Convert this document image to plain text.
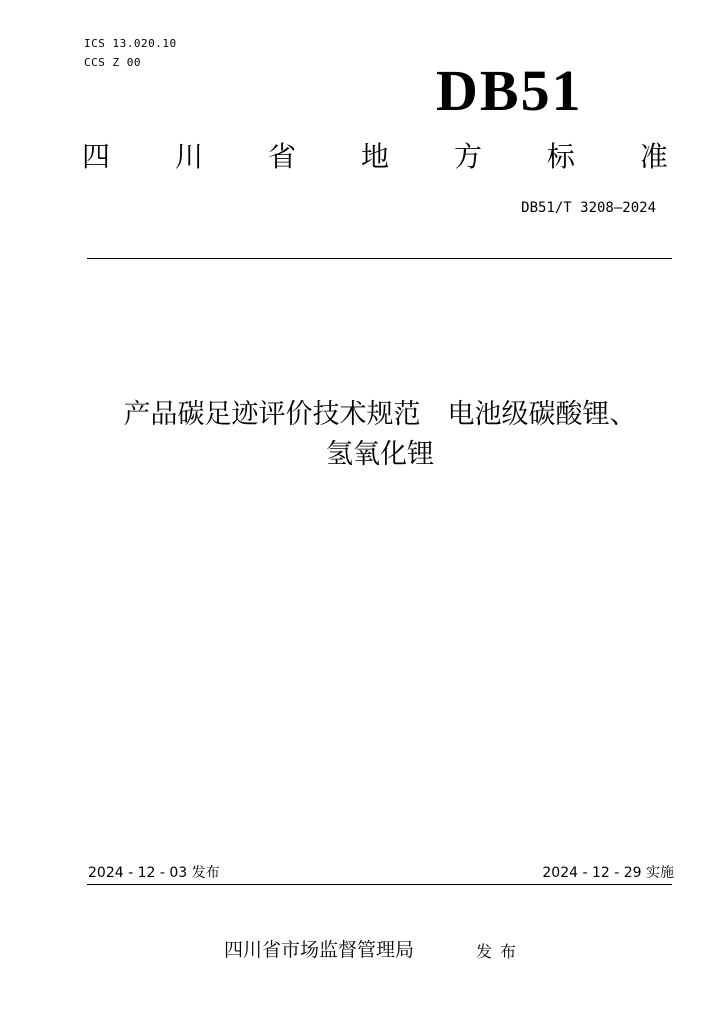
ICS 13.020.10
CCS Z 00	DB51
四 川 省 地 方 标 准
DB51/T 3208—2024
产品碳足迹评价技术规范　电池级碳酸锂、
氢氧化锂
2024 - 12 - 03 发布	2024 - 12 - 29 实施
四川省市场监督管理局	发布
